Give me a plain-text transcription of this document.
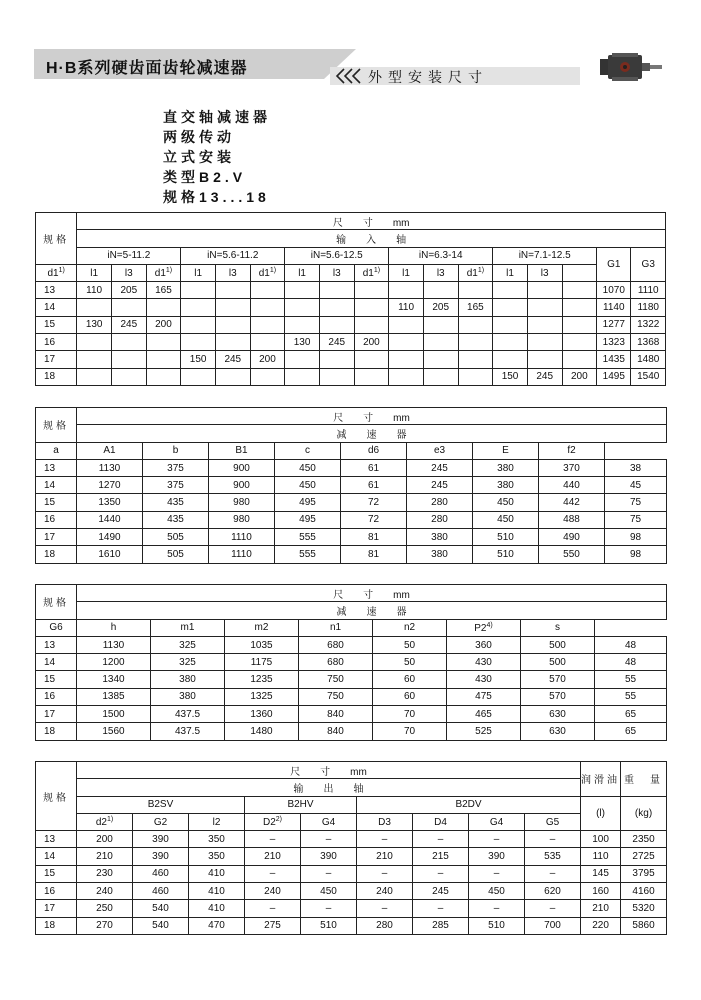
H·B系列硬齿面齿轮减速器	外型安装尺寸
直交轴减速器
两级传动
立式安装
类型B2.V
规格13...18
规格	尺　　寸　　mm																
	输　　入　　轴																
	iN=5-11.2			iN=5.6-11.2			iN=5.6-12.5			iN=6.3-14			iN=7.1-12.5			G1	G3
d1$^{1)}$	l1	l3	d1$^{1)}$	l1	l3	d1$^{1)}$	l1	l3	d1$^{1)}$	l1	l3	d1$^{1)}$	l1	l3			
13	110	205	165													1070	1110
14										110	205	165				1140	1180
15	130	245	200													1277	1322
16							130	245	200							1323	1368
17				150	245	200										1435	1480
18													150	245	200	1495	1540
规格	尺　　寸　　mm								
	减　　速　　器								
a	A1	b	B1	c	d6	e3	E	f2	
13	1130	375	900	450	61	245	380	370	38
14	1270	375	900	450	61	245	380	440	45
15	1350	435	980	495	72	280	450	442	75
16	1440	435	980	495	72	280	450	488	75
17	1490	505	1110	555	81	380	510	490	98
18	1610	505	1110	555	81	380	510	550	98
规格	尺　　寸　　mm							
	减　　速　　器							
G6	h	m1	m2	n1	n2	P2$^{4)}$	s	
13	1130	325	1035	680	50	360	500	48
14	1200	325	1175	680	50	430	500	48
15	1340	380	1235	750	60	430	570	55
16	1385	380	1325	750	60	475	570	55
17	1500	437.5	1360	840	70	465	630	65
18	1560	437.5	1480	840	70	525	630	65
规格	尺　　寸　　mm									润滑油	重　量
	输　　出　　轴										
	B2SV			B2HV		B2DV				(l)	(kg)
	d2$^{1)}$	G2	l2	D2$^{2)}$	G4	D3	D4	G4	G5		
13	200	390	350	–	–	–	–	–	–	100	2350
14	210	390	350	210	390	210	215	390	535	110	2725
15	230	460	410	–	–	–	–	–	–	145	3795
16	240	460	410	240	450	240	245	450	620	160	4160
17	250	540	410	–	–	–	–	–	–	210	5320
18	270	540	470	275	510	280	285	510	700	220	5860
